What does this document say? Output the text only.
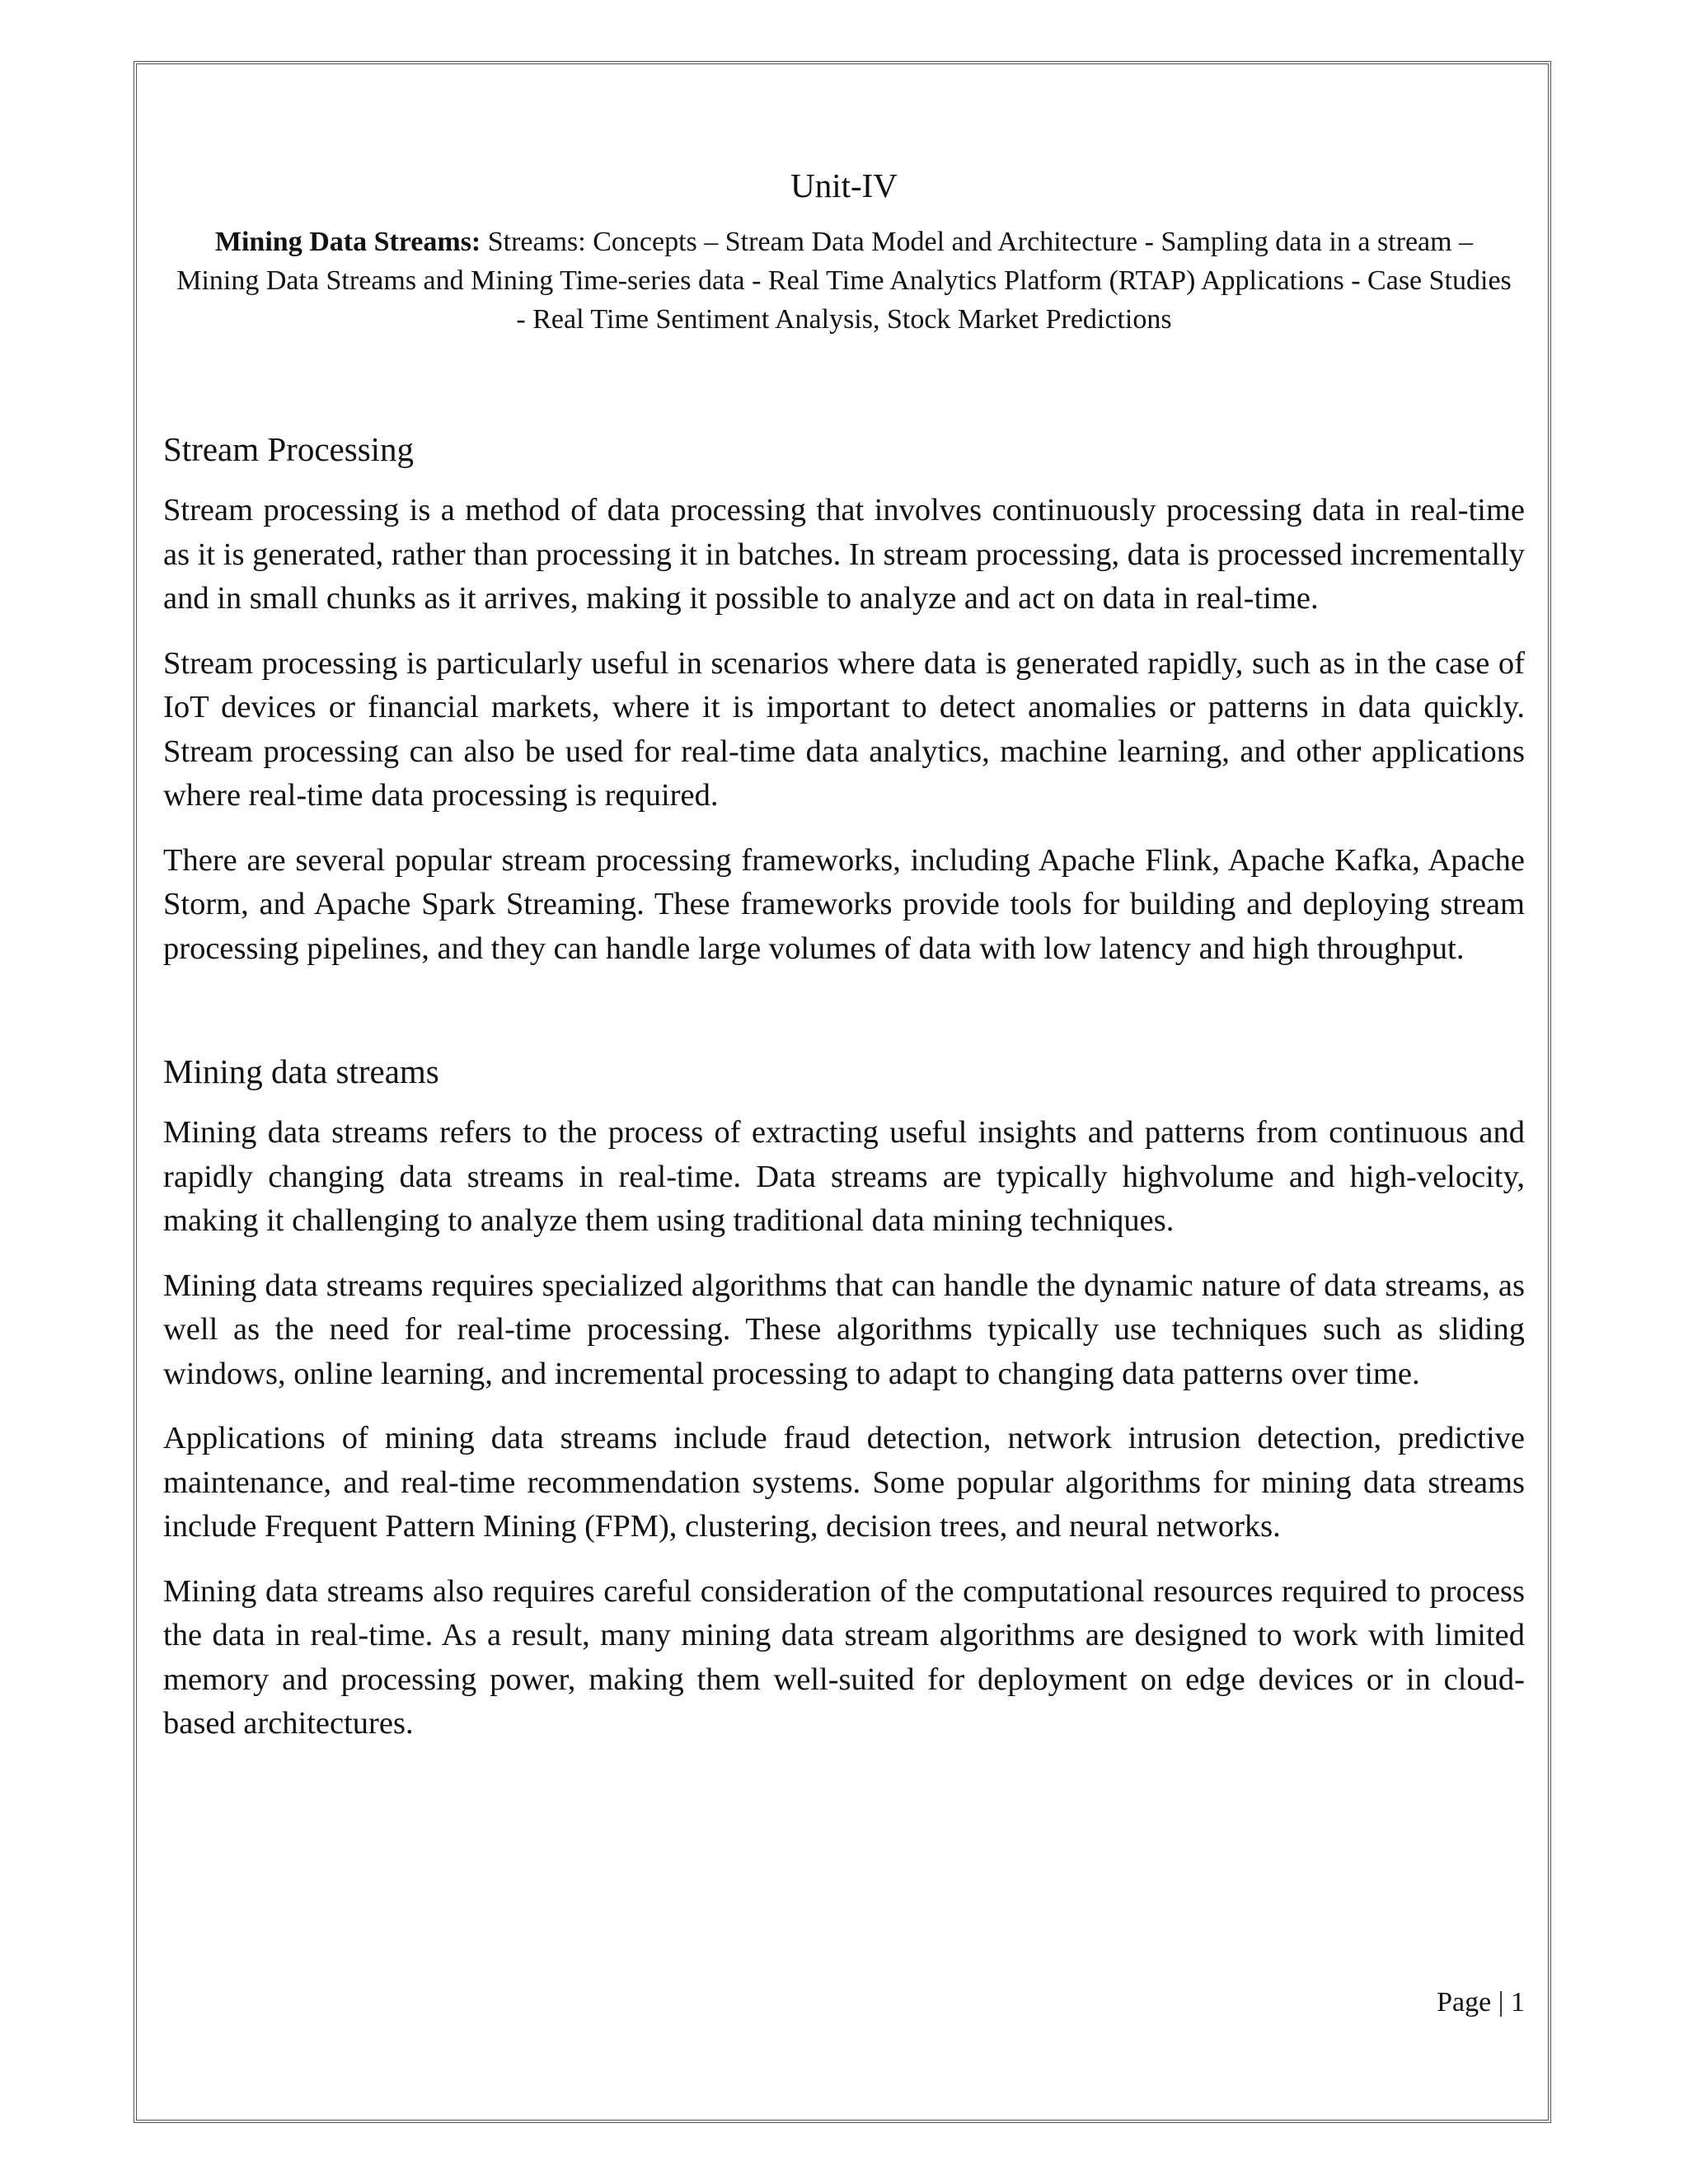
Unit-IV

Mining Data Streams: Streams: Concepts – Stream Data Model and Architecture - Sampling data in a stream – Mining Data Streams and Mining Time-series data - Real Time Analytics Platform (RTAP) Applications - Case Studies - Real Time Sentiment Analysis, Stock Market Predictions

Stream Processing

Stream processing is a method of data processing that involves continuously processing data in real-time as it is generated, rather than processing it in batches. In stream processing, data is processed incrementally and in small chunks as it arrives, making it possible to analyze and act on data in real-time.

Stream processing is particularly useful in scenarios where data is generated rapidly, such as in the case of IoT devices or financial markets, where it is important to detect anomalies or patterns in data quickly. Stream processing can also be used for real-time data analytics, machine learning, and other applications where real-time data processing is required.

There are several popular stream processing frameworks, including Apache Flink, Apache Kafka, Apache Storm, and Apache Spark Streaming. These frameworks provide tools for building and deploying stream processing pipelines, and they can handle large volumes of data with low latency and high throughput.

Mining data streams

Mining data streams refers to the process of extracting useful insights and patterns from continuous and rapidly changing data streams in real-time. Data streams are typically highvolume and high-velocity, making it challenging to analyze them using traditional data mining techniques.

Mining data streams requires specialized algorithms that can handle the dynamic nature of data streams, as well as the need for real-time processing. These algorithms typically use techniques such as sliding windows, online learning, and incremental processing to adapt to changing data patterns over time.

Applications of mining data streams include fraud detection, network intrusion detection, predictive maintenance, and real-time recommendation systems. Some popular algorithms for mining data streams include Frequent Pattern Mining (FPM), clustering, decision trees, and neural networks.

Mining data streams also requires careful consideration of the computational resources required to process the data in real-time. As a result, many mining data stream algorithms are designed to work with limited memory and processing power, making them well-suited for deployment on edge devices or in cloud-based architectures.

Page | 1
